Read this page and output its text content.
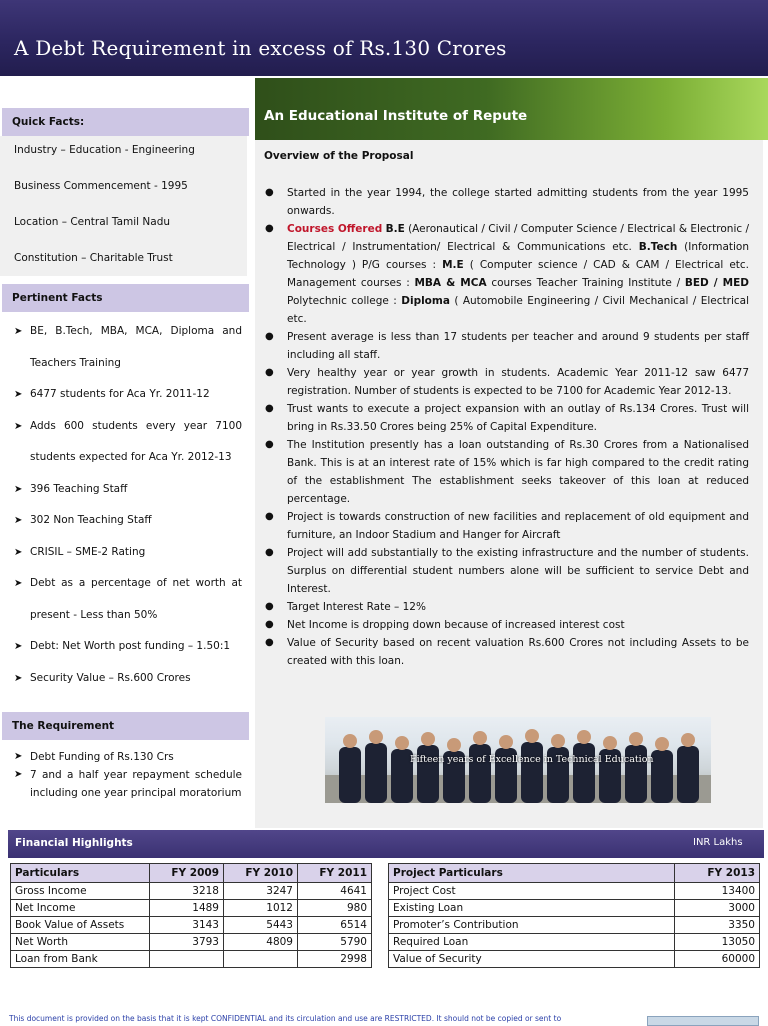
A Debt Requirement in excess of Rs.130 Crores
An Educational Institute of Repute
Quick Facts:
Industry – Education - Engineering
Business Commencement - 1995
Location – Central Tamil Nadu
Constitution – Charitable Trust
Pertinent Facts
➤ BE, B.Tech, MBA, MCA, Diploma and Teachers Training
➤ 6477 students for Aca Yr. 2011-12
➤ Adds 600 students every year 7100 students expected for Aca Yr. 2012-13
➤ 396 Teaching Staff
➤ 302 Non Teaching Staff
➤ CRISIL – SME-2 Rating
➤ Debt as a percentage of net worth at present - Less than 50%
➤ Debt: Net Worth post funding – 1.50:1
➤ Security Value – Rs.600 Crores
The Requirement
➤ Debt Funding of Rs.130 Crs
➤ 7 and a half year repayment schedule including one year principal moratorium
Overview of the Proposal
● Started in the year 1994, the college started admitting students from the year 1995 onwards.
● Courses Offered B.E (Aeronautical / Civil / Computer Science / Electrical & Electronic / Electrical / Instrumentation/ Electrical & Communications etc. B.Tech (Information Technology ) P/G courses : M.E ( Computer science / CAD & CAM / Electrical etc. Management courses : MBA & MCA courses Teacher Training Institute / BED / MED Polytechnic college : Diploma ( Automobile Engineering / Civil Mechanical / Electrical etc.
● Present average is less than 17 students per teacher and around 9 students per staff including all staff.
● Very healthy year or year growth in students. Academic Year 2011-12 saw 6477 registration. Number of students is expected to be 7100 for Academic Year 2012-13.
● Trust wants to execute a project expansion with an outlay of Rs.134 Crores. Trust will bring in Rs.33.50 Crores being 25% of Capital Expenditure.
● The Institution presently has a loan outstanding of Rs.30 Crores from a Nationalised Bank. This is at an interest rate of 15% which is far high compared to the credit rating of the establishment The establishment seeks takeover of this loan at reduced percentage.
● Project is towards construction of new facilities and replacement of old equipment and furniture, an Indoor Stadium and Hanger for Aircraft
● Project will add substantially to the existing infrastructure and the number of students. Surplus on differential student numbers alone will be sufficient to service Debt and Interest.
● Target Interest Rate – 12%
● Net Income is dropping down because of increased interest cost
● Value of Security based on recent valuation Rs.600 Crores not including Assets to be created with this loan.
Fifteen years of Excellence in Technical Education
Financial Highlights	INR Lakhs
Particulars	FY 2009	FY 2010	FY 2011
Gross Income	3218	3247	4641
Net Income	1489	1012	980
Book Value of Assets	3143	5443	6514
Net Worth	3793	4809	5790
Loan from Bank			2998
Project Particulars	FY 2013
Project Cost	13400
Existing Loan	3000
Promoter’s Contribution	3350
Required Loan	13050
Value of Security	60000
This document is provided on the basis that it is kept CONFIDENTIAL and its circulation and use are RESTRICTED. It should not be copied or sent to
